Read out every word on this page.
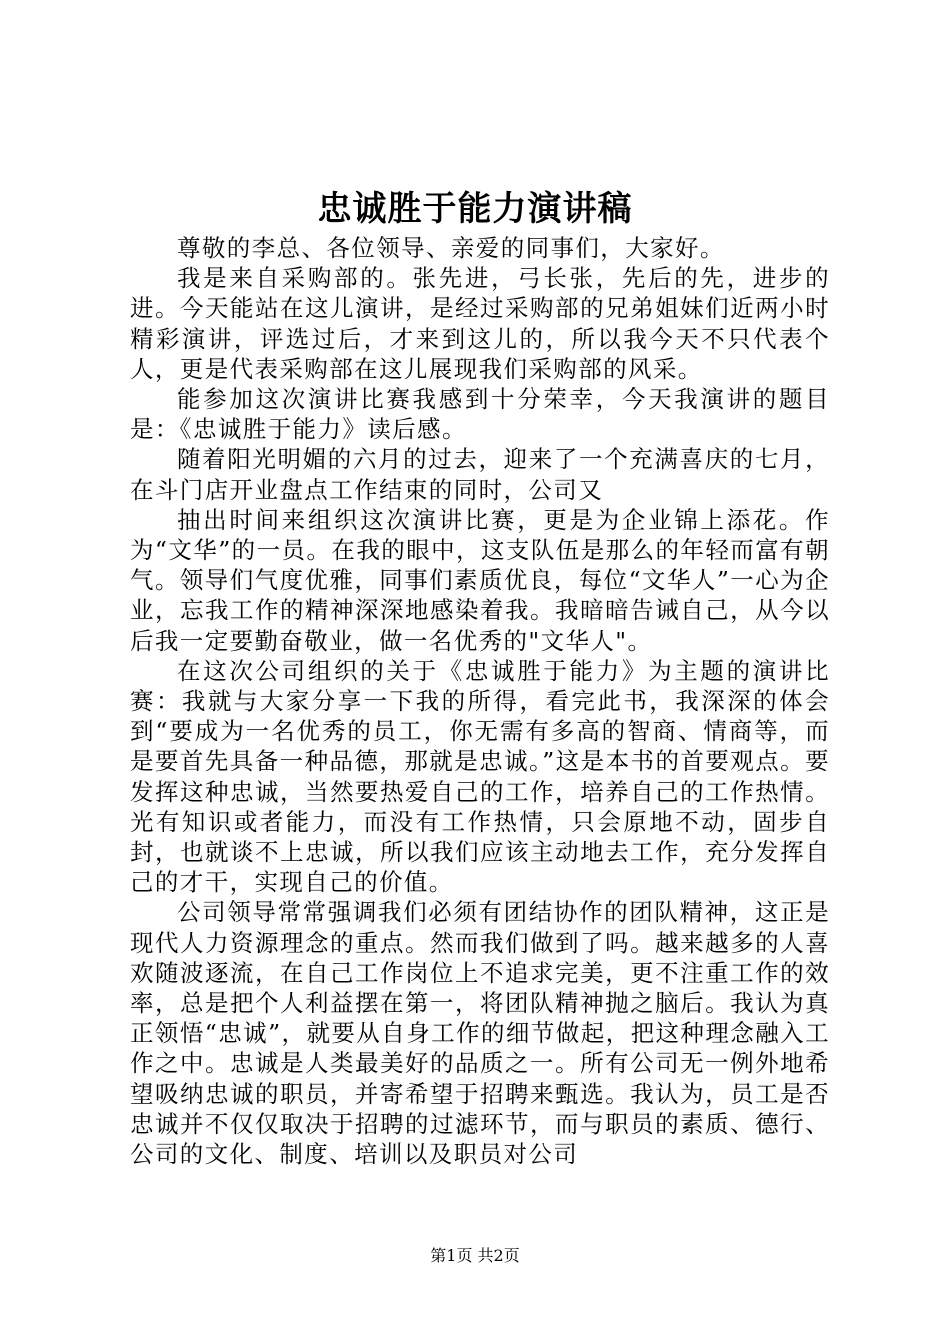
忠诚胜于能力演讲稿

尊敬的李总、各位领导、亲爱的同事们，大家好。

我是来自采购部的。张先进，弓长张，先后的先，进步的进。今天能站在这儿演讲，是经过采购部的兄弟姐妹们近两小时精彩演讲，评选过后，才来到这儿的，所以我今天不只代表个人，更是代表采购部在这儿展现我们采购部的风采。

能参加这次演讲比赛我感到十分荣幸，今天我演讲的题目是：《忠诚胜于能力》读后感。

随着阳光明媚的六月的过去，迎来了一个充满喜庆的七月，在斗门店开业盘点工作结束的同时，公司又

抽出时间来组织这次演讲比赛，更是为企业锦上添花。作为“文华”的一员。在我的眼中，这支队伍是那么的年轻而富有朝气。领导们气度优雅，同事们素质优良，每位“文华人”一心为企业，忘我工作的精神深深地感染着我。我暗暗告诫自己，从今以后我一定要勤奋敬业，做一名优秀的"文华人"。

在这次公司组织的关于《忠诚胜于能力》为主题的演讲比赛：我就与大家分享一下我的所得，看完此书，我深深的体会到“要成为一名优秀的员工，你无需有多高的智商、情商等，而是要首先具备一种品德，那就是忠诚。”这是本书的首要观点。要发挥这种忠诚，当然要热爱自己的工作，培养自己的工作热情。光有知识或者能力，而没有工作热情，只会原地不动，固步自封，也就谈不上忠诚，所以我们应该主动地去工作，充分发挥自己的才干，实现自己的价值。

公司领导常常强调我们必须有团结协作的团队精神，这正是现代人力资源理念的重点。然而我们做到了吗。越来越多的人喜欢随波逐流，在自己工作岗位上不追求完美，更不注重工作的效率，总是把个人利益摆在第一，将团队精神抛之脑后。我认为真正领悟“忠诚”，就要从自身工作的细节做起，把这种理念融入工作之中。忠诚是人类最美好的品质之一。所有公司无一例外地希望吸纳忠诚的职员，并寄希望于招聘来甄选。我认为，员工是否忠诚并不仅仅取决于招聘的过滤环节，而与职员的素质、德行、公司的文化、制度、培训以及职员对公司

第1页 共2页
